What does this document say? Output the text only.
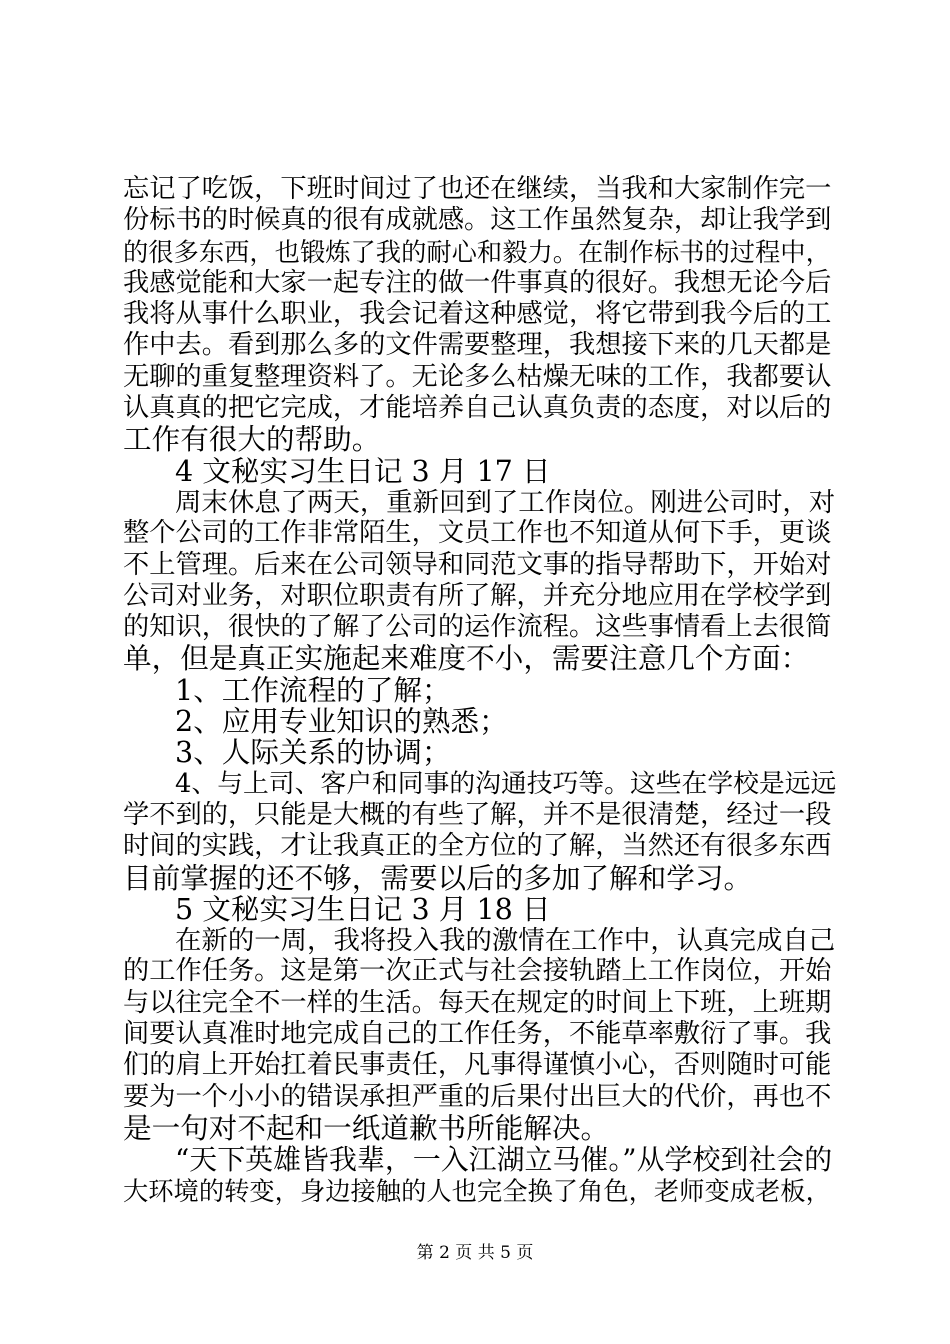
忘记了吃饭，下班时间过了也还在继续，当我和大家制作完一
份标书的时候真的很有成就感。这工作虽然复杂，却让我学到
的很多东西，也锻炼了我的耐心和毅力。在制作标书的过程中，
我感觉能和大家一起专注的做一件事真的很好。我想无论今后
我将从事什么职业，我会记着这种感觉，将它带到我今后的工
作中去。看到那么多的文件需要整理，我想接下来的几天都是
无聊的重复整理资料了。无论多么枯燥无味的工作，我都要认
认真真的把它完成，才能培养自己认真负责的态度，对以后的
工作有很大的帮助。
4 文秘实习生日记 3 月 17 日
周末休息了两天，重新回到了工作岗位。刚进公司时，对
整个公司的工作非常陌生，文员工作也不知道从何下手，更谈
不上管理。后来在公司领导和同范文事的指导帮助下，开始对
公司对业务，对职位职责有所了解，并充分地应用在学校学到
的知识，很快的了解了公司的运作流程。这些事情看上去很简
单，但是真正实施起来难度不小，需要注意几个方面：
1、工作流程的了解；
2、应用专业知识的熟悉；
3、人际关系的协调；
4、与上司、客户和同事的沟通技巧等。这些在学校是远远
学不到的，只能是大概的有些了解，并不是很清楚，经过一段
时间的实践，才让我真正的全方位的了解，当然还有很多东西
目前掌握的还不够，需要以后的多加了解和学习。
5 文秘实习生日记 3 月 18 日
在新的一周，我将投入我的激情在工作中，认真完成自己
的工作任务。这是第一次正式与社会接轨踏上工作岗位，开始
与以往完全不一样的生活。每天在规定的时间上下班，上班期
间要认真准时地完成自己的工作任务，不能草率敷衍了事。我
们的肩上开始扛着民事责任，凡事得谨慎小心，否则随时可能
要为一个小小的错误承担严重的后果付出巨大的代价，再也不
是一句对不起和一纸道歉书所能解决。
“天下英雄皆我辈，一入江湖立马催。”从学校到社会的
大环境的转变，身边接触的人也完全换了角色，老师变成老板，
第 2 页 共 5 页
